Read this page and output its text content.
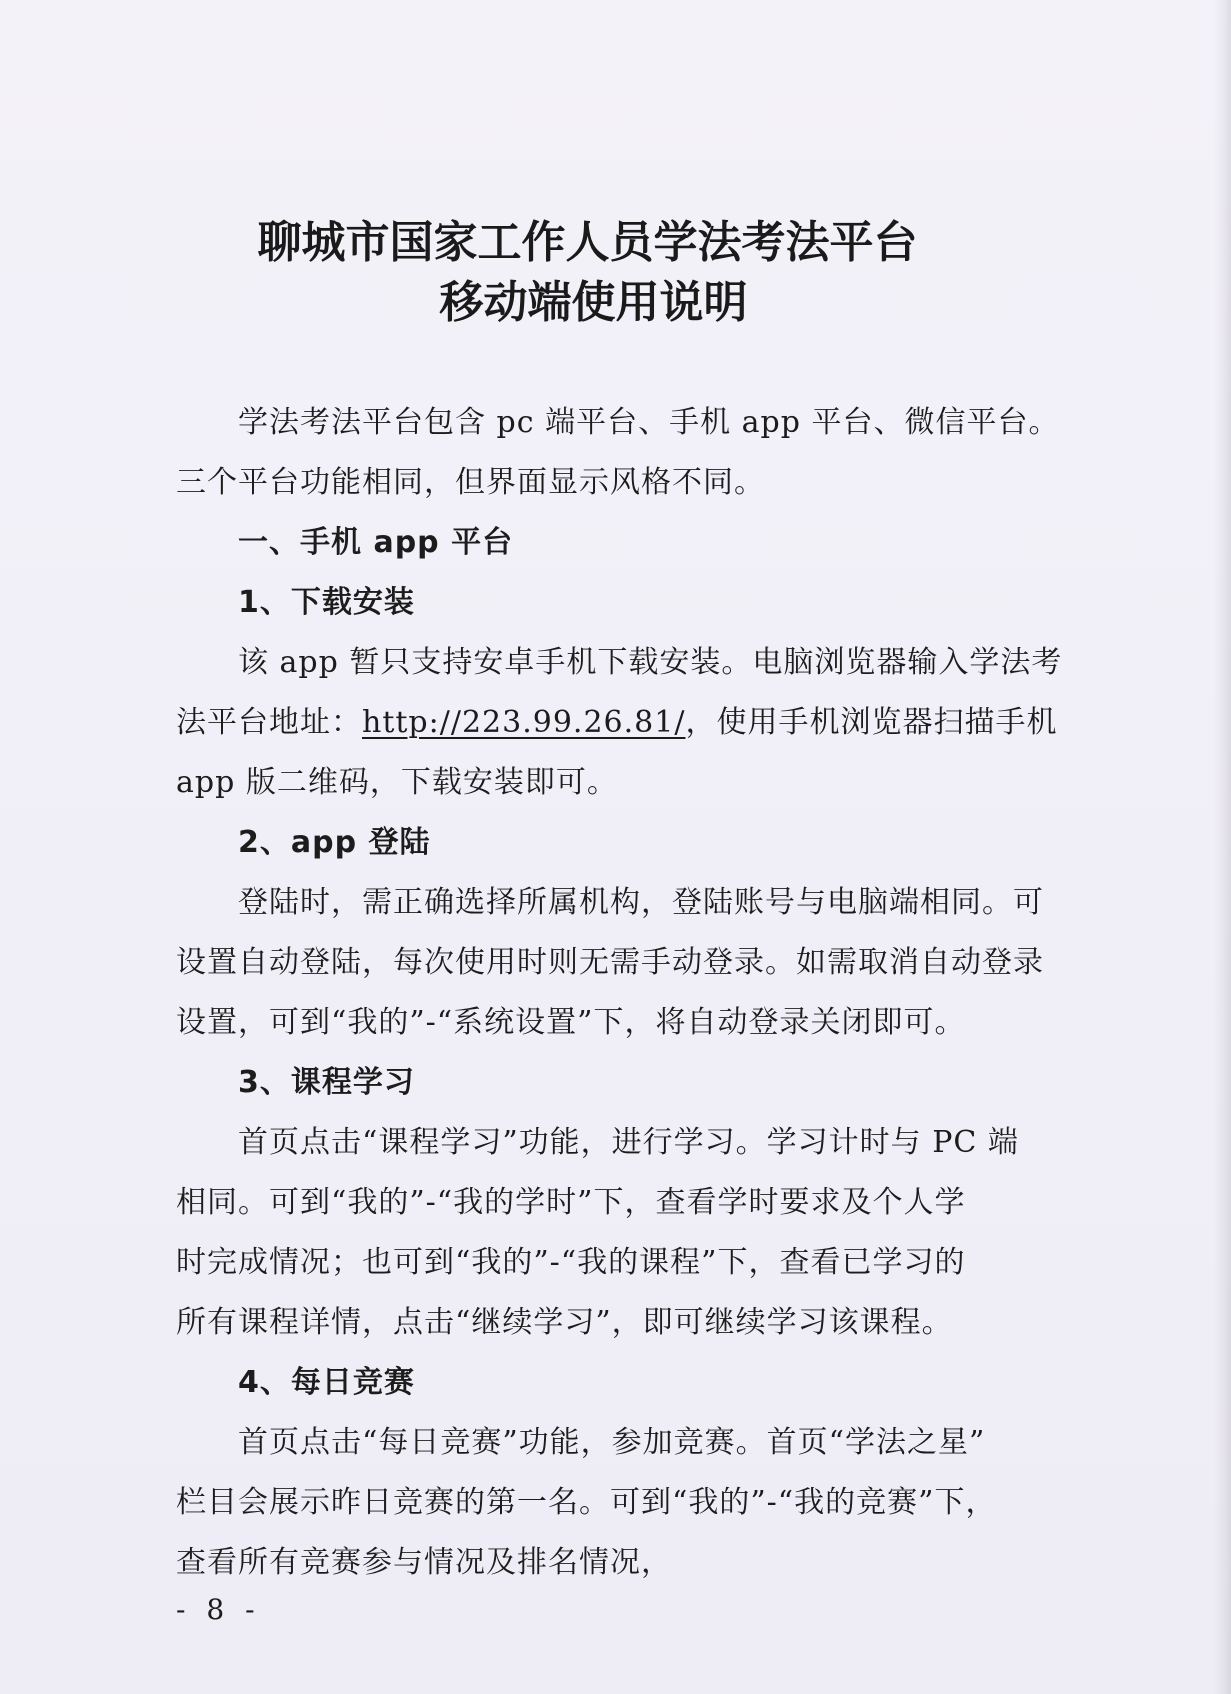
聊城市国家工作人员学法考法平台
移动端使用说明

学法考法平台包含 pc 端平台、手机 app 平台、微信平台。

三个平台功能相同，但界面显示风格不同。

一、手机 app 平台

1、下载安装

该 app 暂只支持安卓手机下载安装。电脑浏览器输入学法考

法平台地址：http://223.99.26.81/，使用手机浏览器扫描手机

app 版二维码，下载安装即可。

2、app 登陆

登陆时，需正确选择所属机构，登陆账号与电脑端相同。可

设置自动登陆，每次使用时则无需手动登录。如需取消自动登录

设置，可到“我的”-“系统设置”下，将自动登录关闭即可。

3、课程学习

首页点击“课程学习”功能，进行学习。学习计时与 PC 端

相同。可到“我的”-“我的学时”下，查看学时要求及个人学

时完成情况；也可到“我的”-“我的课程”下，查看已学习的

所有课程详情，点击“继续学习”，即可继续学习该课程。

4、每日竞赛

首页点击“每日竞赛”功能，参加竞赛。首页“学法之星”

栏目会展示昨日竞赛的第一名。可到“我的”-“我的竞赛”下，

查看所有竞赛参与情况及排名情况，

- 8 -
